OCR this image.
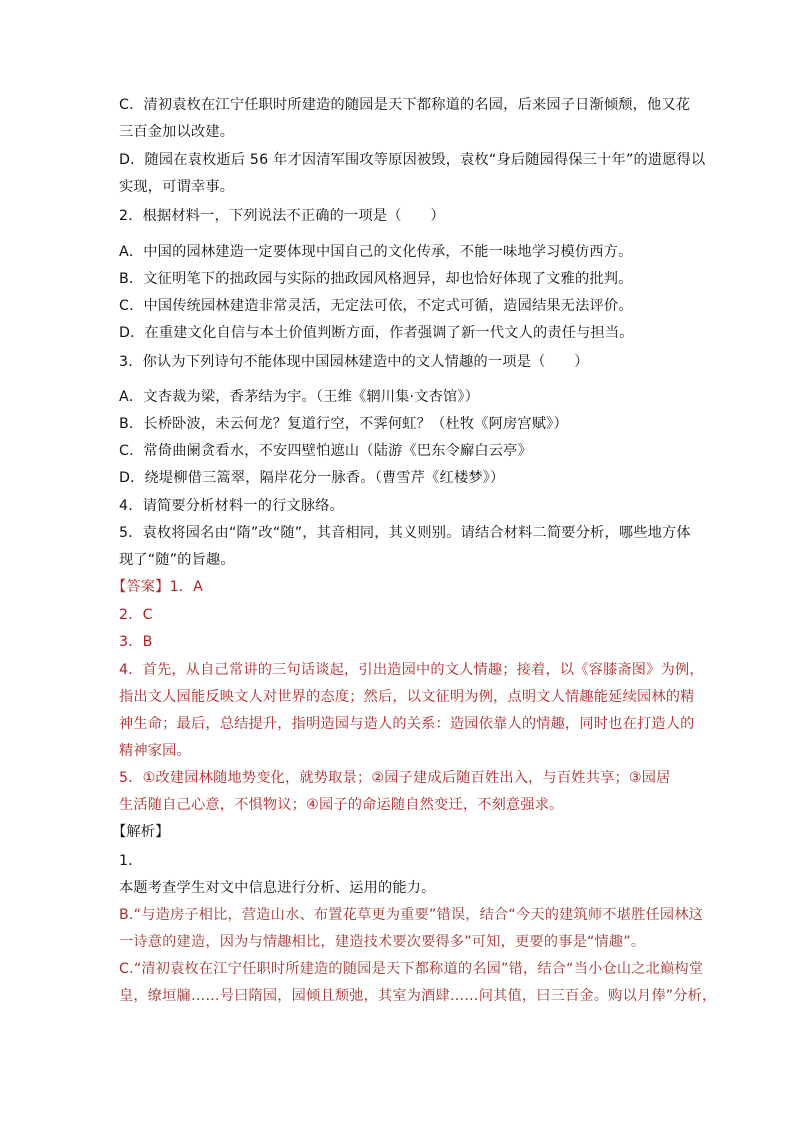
C．清初袁枚在江宁任职时所建造的随园是天下都称道的名园，后来园子日渐倾颓，他又花
三百金加以改建。
D．随园在袁枚逝后 56 年才因清军围攻等原因被毁，袁枚“身后随园得保三十年”的遗愿得以
实现，可谓幸事。
2．根据材料一，下列说法不正确的一项是（　　）
A．中国的园林建造一定要体现中国自己的文化传承，不能一味地学习模仿西方。
B．文征明笔下的拙政园与实际的拙政园风格迥异，却也恰好体现了文雅的批判。
C．中国传统园林建造非常灵活，无定法可依，不定式可循，造园结果无法评价。
D．在重建文化自信与本土价值判断方面，作者强调了新一代文人的责任与担当。
3．你认为下列诗句不能体现中国园林建造中的文人情趣的一项是（　　）
A．文杏裁为梁，香茅结为宇。（王维《辋川集·文杏馆》）
B．长桥卧波，未云何龙？复道行空，不霁何虹？（杜牧《阿房宫赋》）
C．常倚曲阑贪看水，不安四壁怕遮山（陆游《巴东令廨白云亭》
D．绕堤柳借三篙翠，隔岸花分一脉香。（曹雪芹《红楼梦》）
4．请简要分析材料一的行文脉络。
5．袁枚将园名由“隋”改“随”，其音相同，其义则别。请结合材料二简要分析，哪些地方体
现了“随”的旨趣。
【答案】1．A
2．C
3．B
4．首先，从自己常讲的三句话谈起，引出造园中的文人情趣；接着，以《容膝斋图》为例，
指出文人园能反映文人对世界的态度；然后，以文征明为例，点明文人情趣能延续园林的精
神生命；最后，总结提升，指明造园与造人的关系：造园依靠人的情趣，同时也在打造人的
精神家园。
5．①改建园林随地势变化，就势取景；②园子建成后随百姓出入，与百姓共享；③园居
生活随自己心意，不惧物议；④园子的命运随自然变迁，不刻意强求。
【解析】
1．
本题考查学生对文中信息进行分析、运用的能力。
B.“与造房子相比，营造山水、布置花草更为重要”错误，结合“今天的建筑师不堪胜任园林这
一诗意的建造，因为与情趣相比，建造技术要次要得多”可知，更要的事是“情趣”。
C.“清初袁枚在江宁任职时所建造的随园是天下都称道的名园”错，结合“当小仓山之北巅构堂
皇，缭垣牖……号曰隋园，园倾且颓弛，其室为酒肆……问其值，曰三百金。购以月俸”分析，
